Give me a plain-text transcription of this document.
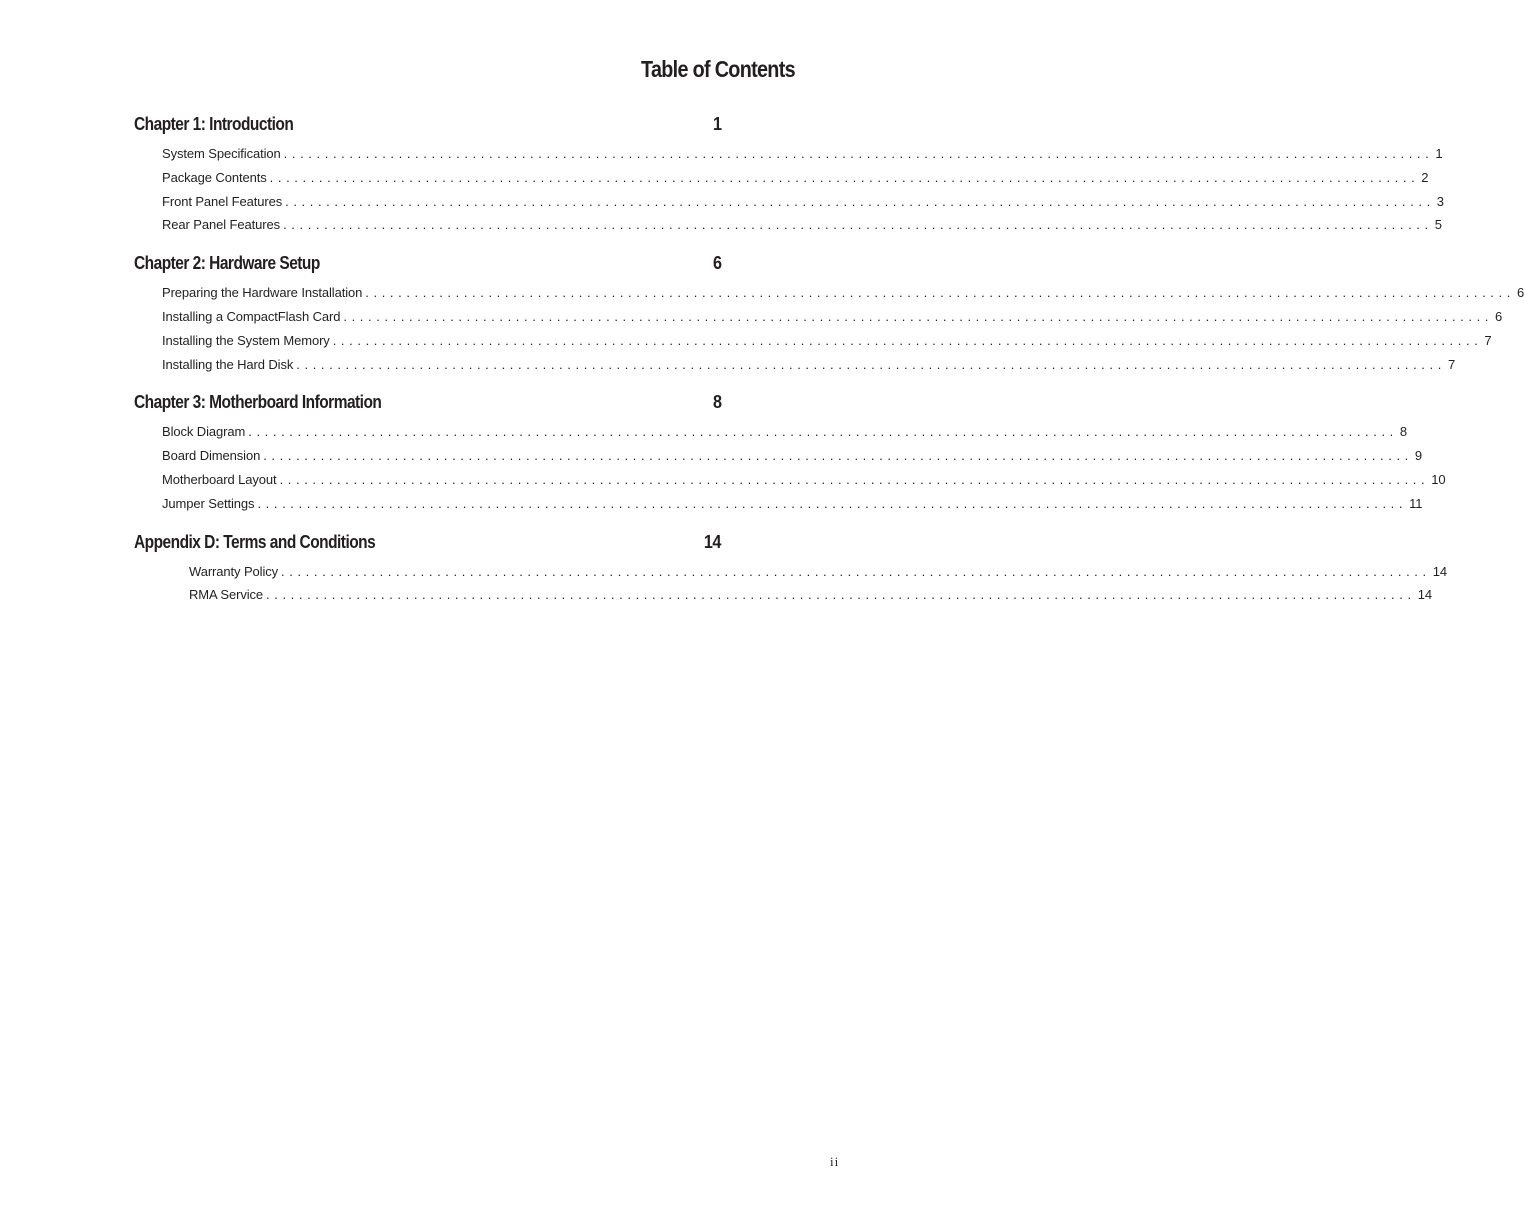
Table of Contents
Chapter 1: Introduction	1
System Specification ............................................................................................................................................ 1
Package Contents ............................................................................................................................................ 2
Front Panel Features ............................................................................................................................................ 3
Rear Panel Features ............................................................................................................................................ 5
Chapter 2: Hardware Setup	6
Preparing the Hardware Installation ............................................................................................................................................ 6
Installing a CompactFlash Card ............................................................................................................................................ 6
Installing the System Memory ............................................................................................................................................ 7
Installing the Hard Disk ............................................................................................................................................ 7
Chapter 3: Motherboard Information	8
Block Diagram ............................................................................................................................................ 8
Board Dimension ............................................................................................................................................ 9
Motherboard Layout ............................................................................................................................................ 10
Jumper Settings ............................................................................................................................................ 11
Appendix D: Terms and Conditions	14
Warranty Policy ............................................................................................................................................ 14
RMA Service ............................................................................................................................................ 14

ii
